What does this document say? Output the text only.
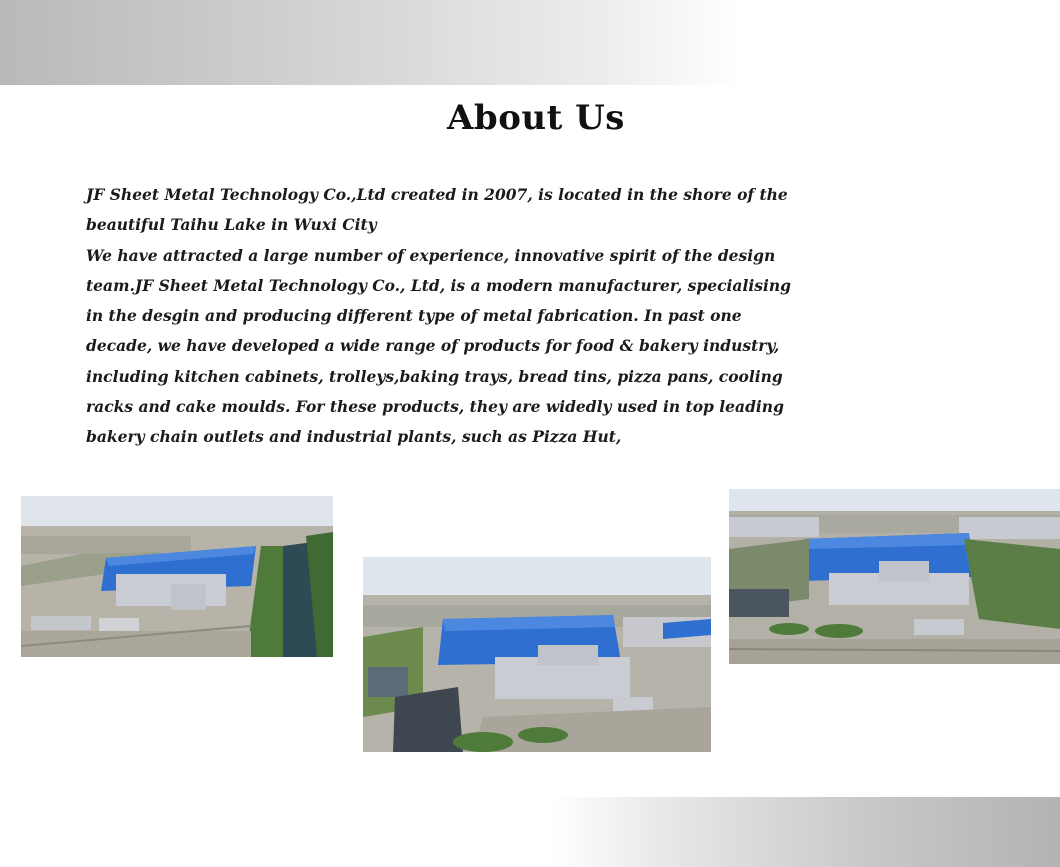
About Us

JF Sheet Metal Technology Co.,Ltd created in 2007, is located in the shore of the beautiful Taihu Lake in Wuxi City

We have attracted a large number of experience, innovative spirit of the design team.JF Sheet Metal Technology Co., Ltd, is a modern manufacturer, specialising in the desgin and producing different type of metal fabrication. In past one decade, we have developed a wide range of products for food & bakery industry, including kitchen cabinets, trolleys,baking trays, bread tins, pizza pans, cooling racks and cake moulds. For these products, they are widedly used in top leading bakery chain outlets and industrial plants, such as Pizza Hut,
